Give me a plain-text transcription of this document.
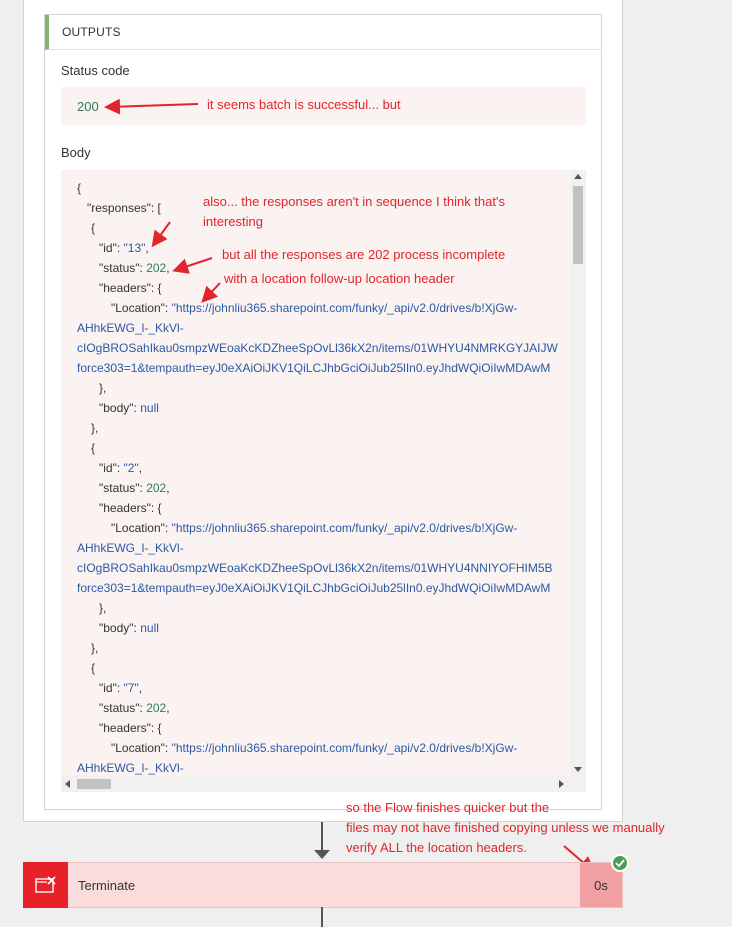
OUTPUTS
Status code
200
Body
{
"responses": [
{
"id": "13",
"status": 202,
"headers": {
"Location": "https://johnliu365.sharepoint.com/funky/_api/v2.0/drives/b!XjGw-
AHhkEWG_l-_KkVl-
cIOgBROSahIkau0smpzWEoaKcKDZheeSpOvLl36kX2n/items/01WHYU4NMRKGYJAIJW
force303=1&tempauth=eyJ0eXAiOiJKV1QiLCJhbGciOiJub25lIn0.eyJhdWQiOiIwMDAwM
},
"body": null
},
{
"id": "2",
"status": 202,
"headers": {
"Location": "https://johnliu365.sharepoint.com/funky/_api/v2.0/drives/b!XjGw-
AHhkEWG_l-_KkVl-
cIOgBROSahIkau0smpzWEoaKcKDZheeSpOvLl36kX2n/items/01WHYU4NNIYOFHIM5B
force303=1&tempauth=eyJ0eXAiOiJKV1QiLCJhbGciOiJub25lIn0.eyJhdWQiOiIwMDAwM
},
"body": null
},
{
"id": "7",
"status": 202,
"headers": {
"Location": "https://johnliu365.sharepoint.com/funky/_api/v2.0/drives/b!XjGw-
AHhkEWG_l-_KkVl-
it seems batch is successful... but
also... the responses aren't in sequence I think that's
interesting
but all the responses are 202 process incomplete
with a location follow-up location header
so the Flow finishes quicker but the
files may not have finished copying unless we manually
verify ALL the location headers.
Terminate	0s
